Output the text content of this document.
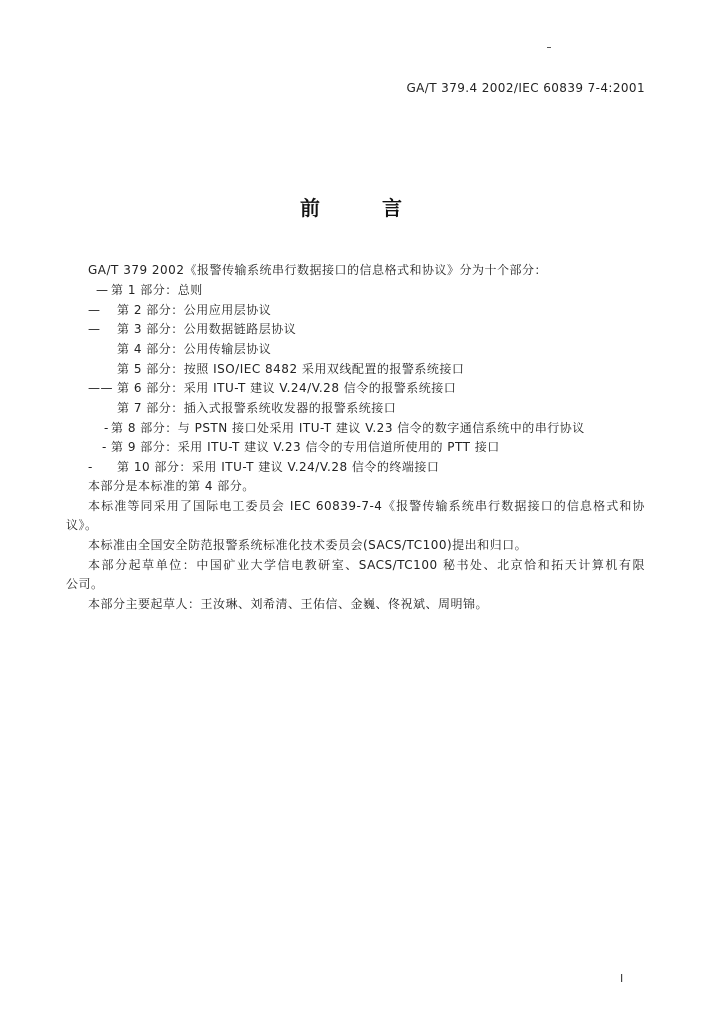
GA/T 379.4 2002/IEC 60839 7-4:2001
前	言
GA/T 379 2002《报警传输系统串行数据接口的信息格式和协议》分为十个部分：
— 第 1 部分：总则
— 第 2 部分：公用应用层协议
— 第 3 部分：公用数据链路层协议
第 4 部分：公用传输层协议
第 5 部分：按照 ISO/IEC 8482 采用双线配置的报警系统接口
—— 第 6 部分：采用 ITU-T 建议 V.24/V.28 信令的报警系统接口
第 7 部分：插入式报警系统收发器的报警系统接口
- 第 8 部分：与 PSTN 接口处采用 ITU-T 建议 V.23 信令的数字通信系统中的串行协议
- 第 9 部分：采用 ITU-T 建议 V.23 信令的专用信道所使用的 PTT 接口
- 第 10 部分：采用 ITU-T 建议 V.24/V.28 信令的终端接口
本部分是本标准的第 4 部分。
本标准等同采用了国际电工委员会 IEC 60839-7-4《报警传输系统串行数据接口的信息格式和协
议》。
本标准由全国安全防范报警系统标准化技术委员会(SACS/TC100)提出和归口。
本部分起草单位：中国矿业大学信电教研室、SACS/TC100 秘书处、北京恰和拓天计算机有限
公司。
本部分主要起草人：王汝琳、刘希清、王佑信、金巍、佟祝斌、周明锦。
I
